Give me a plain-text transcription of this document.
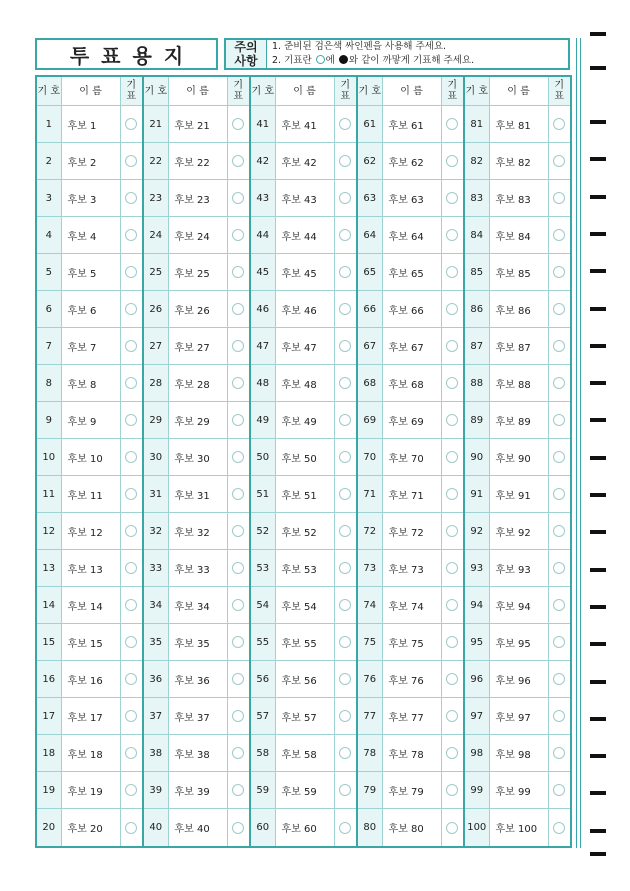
투표용지	주의
사항
1. 준비된 검은색 싸인펜을 사용해 주세요.
2. 기표란 에 와 같이 까맣게 기표해 주세요.
기 호	이 름	기 표	기 호	이 름	기 표	기 호	이 름	기 표	기 호	이 름	기 표	기 호	이 름	기 표
1	후보 1		21	후보 21		41	후보 41		61	후보 61		81	후보 81	
2	후보 2		22	후보 22		42	후보 42		62	후보 62		82	후보 82	
3	후보 3		23	후보 23		43	후보 43		63	후보 63		83	후보 83	
4	후보 4		24	후보 24		44	후보 44		64	후보 64		84	후보 84	
5	후보 5		25	후보 25		45	후보 45		65	후보 65		85	후보 85	
6	후보 6		26	후보 26		46	후보 46		66	후보 66		86	후보 86	
7	후보 7		27	후보 27		47	후보 47		67	후보 67		87	후보 87	
8	후보 8		28	후보 28		48	후보 48		68	후보 68		88	후보 88	
9	후보 9		29	후보 29		49	후보 49		69	후보 69		89	후보 89	
10	후보 10		30	후보 30		50	후보 50		70	후보 70		90	후보 90	
11	후보 11		31	후보 31		51	후보 51		71	후보 71		91	후보 91	
12	후보 12		32	후보 32		52	후보 52		72	후보 72		92	후보 92	
13	후보 13		33	후보 33		53	후보 53		73	후보 73		93	후보 93	
14	후보 14		34	후보 34		54	후보 54		74	후보 74		94	후보 94	
15	후보 15		35	후보 35		55	후보 55		75	후보 75		95	후보 95	
16	후보 16		36	후보 36		56	후보 56		76	후보 76		96	후보 96	
17	후보 17		37	후보 37		57	후보 57		77	후보 77		97	후보 97	
18	후보 18		38	후보 38		58	후보 58		78	후보 78		98	후보 98	
19	후보 19		39	후보 39		59	후보 59		79	후보 79		99	후보 99	
20	후보 20		40	후보 40		60	후보 60		80	후보 80		100	후보 100	
